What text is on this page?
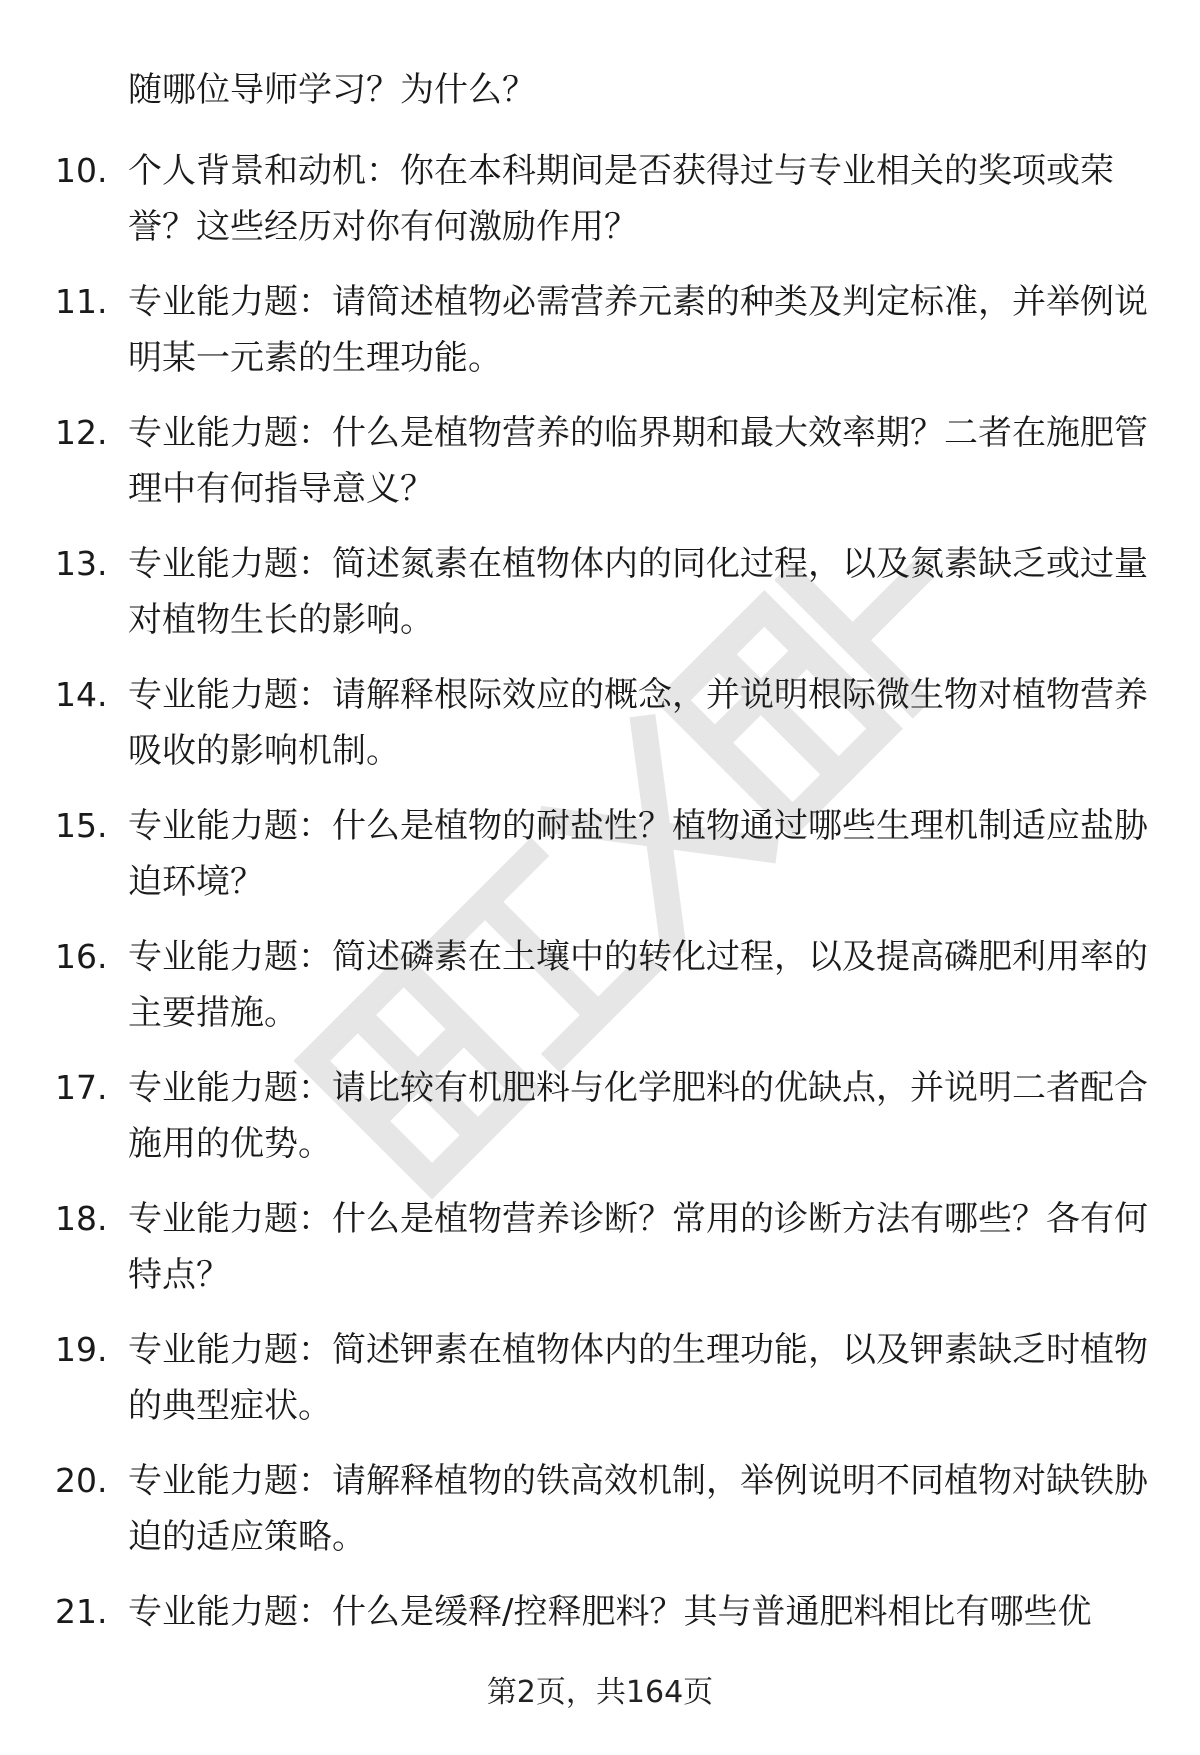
随哪位导师学习？为什么？
10. 个人背景和动机：你在本科期间是否获得过与专业相关的奖项或荣誉？这些经历对你有何激励作用？
11. 专业能力题：请简述植物必需营养元素的种类及判定标准，并举例说明某一元素的生理功能。
12. 专业能力题：什么是植物营养的临界期和最大效率期？二者在施肥管理中有何指导意义？
13. 专业能力题：简述氮素在植物体内的同化过程，以及氮素缺乏或过量对植物生长的影响。
14. 专业能力题：请解释根际效应的概念，并说明根际微生物对植物营养吸收的影响机制。
15. 专业能力题：什么是植物的耐盐性？植物通过哪些生理机制适应盐胁迫环境？
16. 专业能力题：简述磷素在土壤中的转化过程，以及提高磷肥利用率的主要措施。
17. 专业能力题：请比较有机肥料与化学肥料的优缺点，并说明二者配合施用的优势。
18. 专业能力题：什么是植物营养诊断？常用的诊断方法有哪些？各有何特点？
19. 专业能力题：简述钾素在植物体内的生理功能，以及钾素缺乏时植物的典型症状。
20. 专业能力题：请解释植物的铁高效机制，举例说明不同植物对缺铁胁迫的适应策略。
21. 专业能力题：什么是缓释/控释肥料？其与普通肥料相比有哪些优
第2页，共164页
